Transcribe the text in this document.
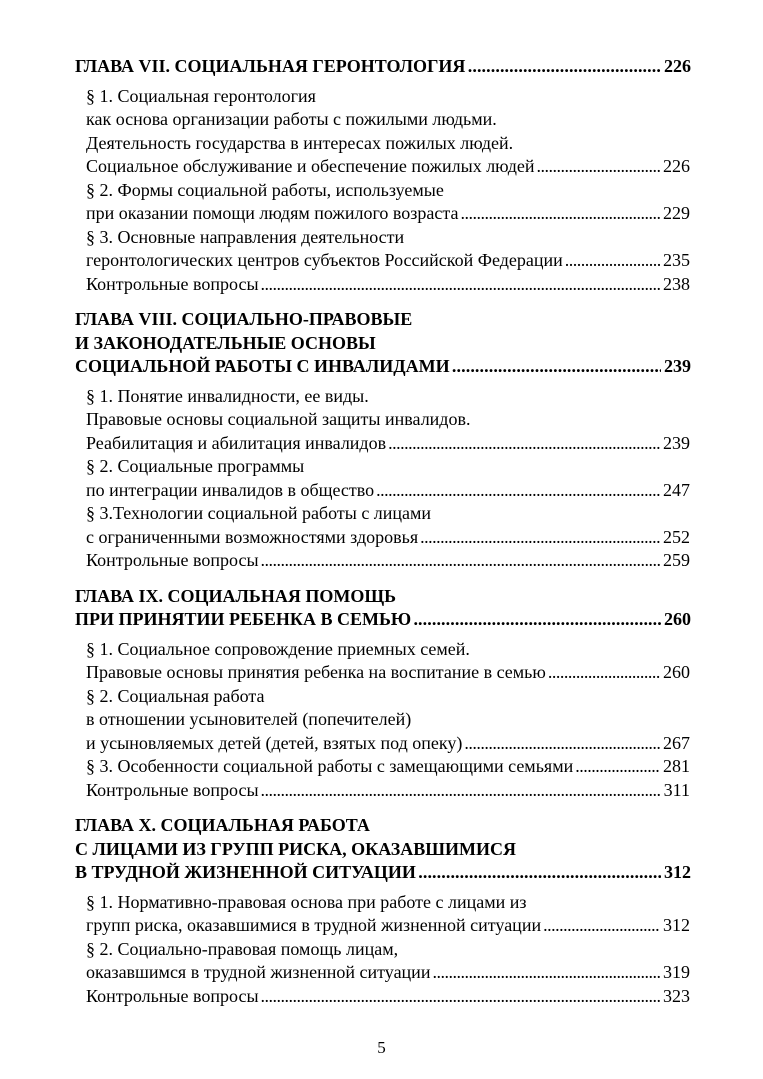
ГЛАВА VII. СОЦИАЛЬНАЯ ГЕРОНТОЛОГИЯ . . .	226
§ 1. Социальная геронтология
как основа организации работы с пожилыми людьми.
Деятельность государства в интересах пожилых людей.
Социальное обслуживание и обеспечение пожилых людей . . .	226
§ 2. Формы социальной работы, используемые
при оказании помощи людям пожилого возраста . . .	229
§ 3. Основные направления деятельности
геронтологических центров субъектов Российской Федерации . . .	235
Контрольные вопросы . . .	238
ГЛАВА VIII. СОЦИАЛЬНО-ПРАВОВЫЕ
И ЗАКОНОДАТЕЛЬНЫЕ ОСНОВЫ
СОЦИАЛЬНОЙ РАБОТЫ С ИНВАЛИДАМИ . . .	239
§ 1. Понятие инвалидности, ее виды.
Правовые основы социальной защиты инвалидов.
Реабилитация и абилитация инвалидов . . .	239
§ 2. Социальные программы
по интеграции инвалидов в общество . . .	247
§ 3.Технологии социальной работы с лицами
с ограниченными возможностями здоровья . . .	252
Контрольные вопросы . . .	259
ГЛАВА IX. СОЦИАЛЬНАЯ ПОМОЩЬ
ПРИ ПРИНЯТИИ РЕБЕНКА В СЕМЬЮ . . .	260
§ 1. Социальное сопровождение приемных семей.
Правовые основы принятия ребенка на воспитание в семью . . .	260
§ 2. Социальная работа
в отношении усыновителей (попечителей)
и усыновляемых детей (детей, взятых под опеку) . . .	267
§ 3. Особенности социальной работы с замещающими семьями . . .	281
Контрольные вопросы . . .	311
ГЛАВА X. СОЦИАЛЬНАЯ РАБОТА
С ЛИЦАМИ ИЗ ГРУПП РИСКА, ОКАЗАВШИМИСЯ
В ТРУДНОЙ ЖИЗНЕННОЙ СИТУАЦИИ . . .	312
§ 1. Нормативно-правовая основа при работе с лицами из
групп риска, оказавшимися в трудной жизненной ситуации . . .	312
§ 2. Социально-правовая помощь лицам,
оказавшимся в трудной жизненной ситуации . . .	319
Контрольные вопросы . . .	323
5
